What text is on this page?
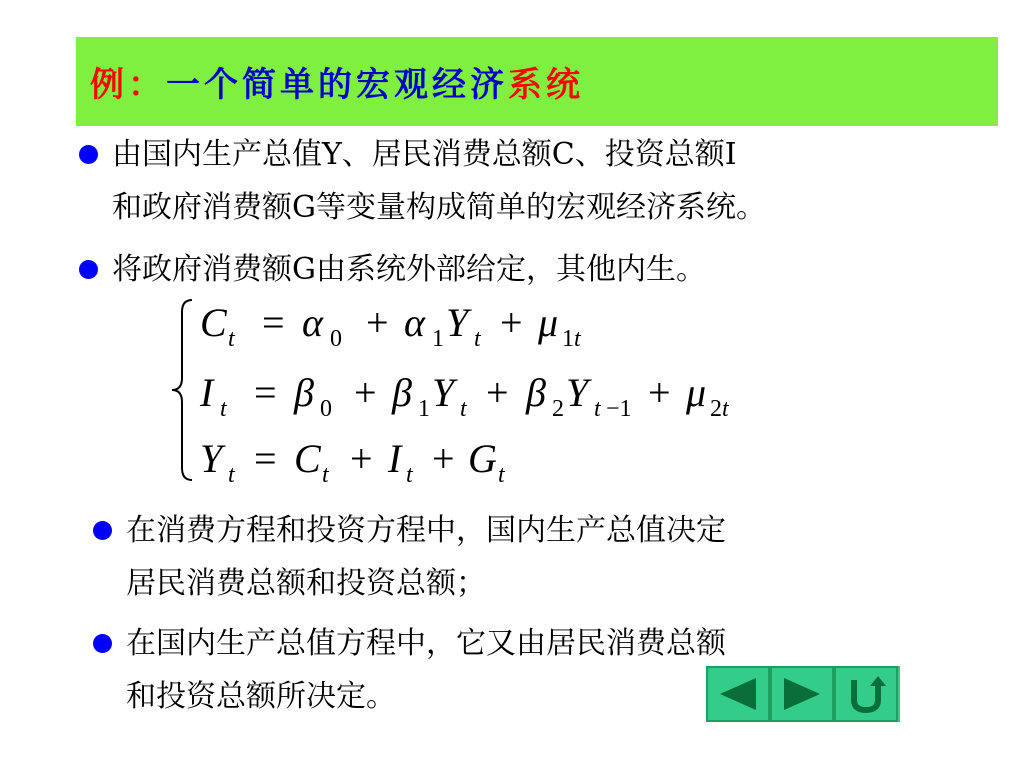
例：一个简单的宏观经济系统
由国内生产总值Y、居民消费总额C、投资总额I
和政府消费额G等变量构成简单的宏观经济系统。
将政府消费额G由系统外部给定，其他内生。
C t = α 0 + α 1 Y t + μ 1 t
I t = β 0 + β 1 Y t + β 2 Y t −1 + μ 2 t
Y t = C t + I t + G t
在消费方程和投资方程中，国内生产总值决定
居民消费总额和投资总额；
在国内生产总值方程中，它又由居民消费总额
和投资总额所决定。
